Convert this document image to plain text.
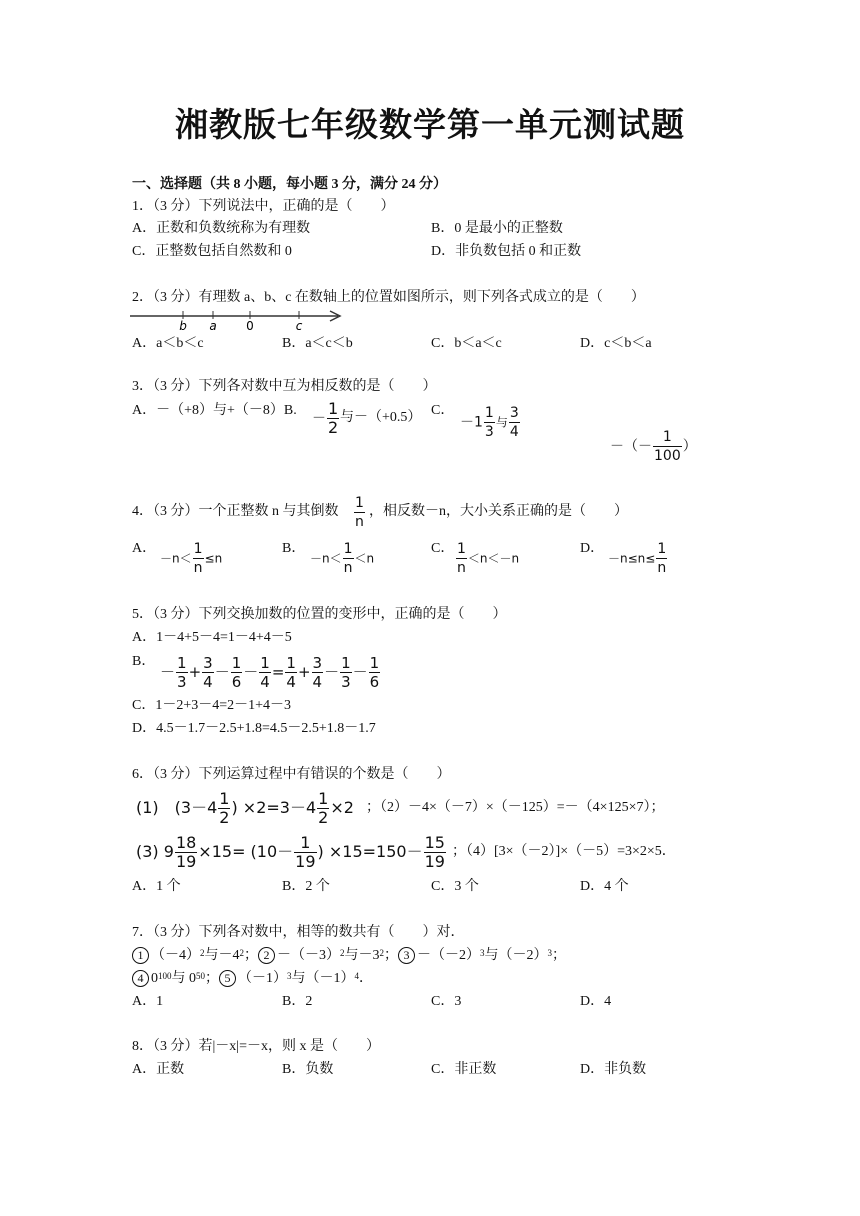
湘教版七年级数学第一单元测试题
一、选择题（共 8 小题，每小题 3 分，满分 24 分）
1．（3 分）下列说法中，正确的是（　　）
A．正数和负数统称为有理数	B．0 是最小的正整数
C．正整数包括自然数和 0	D．非负数包括 0 和正数
2．（3 分）有理数 a、b、c 在数轴上的位置如图所示，则下列各式成立的是（　　）
b a 0	c
A．a＜b＜c	B．a＜c＜b	C．b＜a＜c	D．c＜b＜a
3．（3 分）下列各对数中互为相反数的是（　　）
A．－（+8）与+（－8）B. － $\frac{1}{2}$ 与－（+0.5） C．
$-1 \frac{1}{3}$ 与 $\frac{3}{4}$
－（－ $\frac{1}{100}$ ）
4．（3 分）一个正整数 n 与其倒数 $\frac{1}{n}$ ，相反数－n，大小关系正确的是（　　）
A．
$-n< \frac{1}{n} \le n$
B．
$-n< \frac{1}{n} <n$
C． $\frac{1}{n} <n<-n$
D．
$-n\le n\le \frac{1}{n}$
5．（3 分）下列交换加数的位置的变形中，正确的是（　　）
A．1－4+5－4=1－4+4－5
B．
－ $\frac{1}{3} + \frac{3}{4} - \frac{1}{6} - \frac{1}{4} = \frac{1}{4} + \frac{3}{4} - \frac{1}{3} - \frac{1}{6}$
C．1－2+3－4=2－1+4－3
D．4.5－1.7－2.5+1.8=4.5－2.5+1.8－1.7
6．（3 分）下列运算过程中有错误的个数是（　　）
(1)　($3-4 \frac{1}{2}$ ) $\times 2=3-4 \frac{1}{2} \times 2$ ；（2）－4×（－7）×（－125）=－（4×125×7）；
(3) $9 \frac{18}{19} \times 15= (10- \frac{1}{19}$ ) $\times 15=150- \frac{15}{19}$ ；（4）[3×（－2）]×（－5）=3×2×5．
A．1 个	B．2 个	C．3 个	D．4 个
7．（3 分）下列各对数中，相等的数共有（　　）对．
1 $(-4)^2$与$-4^2$； $2 -(-3)^2$与$-3^2$； $3 -(-2)^3$与$(-2)^3$；
4 $0^{100}$与 $0^{50}$； 5 $(-1)^3$与$(-1)^4$．
A．1	B．2	C．3	D．4
8．（3 分）若|－x|=－x，则 x 是（　　）
A．正数	B．负数	C．非正数	D．非负数
